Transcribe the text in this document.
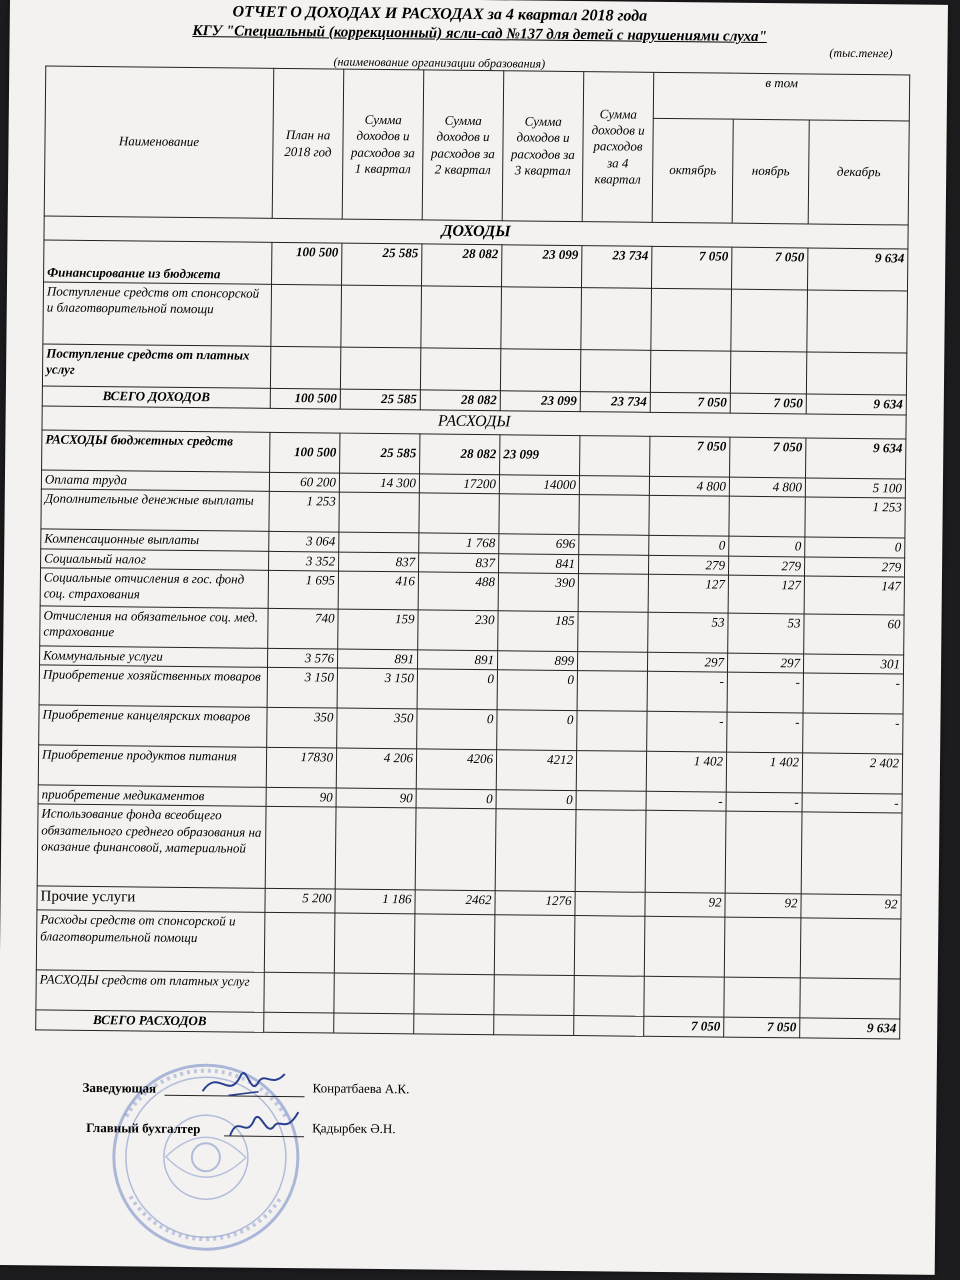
ОТЧЕТ О ДОХОДАХ И РАСХОДАХ за 4 квартал 2018 года
КГУ "Специальный (коррекционный) ясли-сад №137 для детей с нарушениями слуха"
(тыс.тенге)
(наименование организации образования)
Наименование	План на 2018 год	Сумма доходов и расходов за 1 квартал	Сумма доходов и расходов за 2 квартал	Сумма доходов и расходов за 3 квартал	Сумма доходов и расходов за 4 квартал	в том		
						октябрь	ноябрь	декабрь
ДОХОДЫ								
Финансирование из бюджета	100 500	25 585	28 082	23 099	23 734	7 050	7 050	9 634
Поступление средств от спонсорской и благотворительной помощи								
Поступление средств от платных услуг								
ВСЕГО ДОХОДОВ	100 500	25 585	28 082	23 099	23 734	7 050	7 050	9 634
РАСХОДЫ								
РАСХОДЫ бюджетных средств	100 500	25 585	28 082	23 099		7 050	7 050	9 634
Оплата труда	60 200	14 300	17200	14000		4 800	4 800	5 100
Дополнительные денежные выплаты	1 253							1 253
Компенсационные выплаты	3 064		1 768	696		0	0	0
Социальный налог	3 352	837	837	841		279	279	279
Социальные отчисления в гос. фонд соц. страхования	1 695	416	488	390		127	127	147
Отчисления на обязательное соц. мед. страхование	740	159	230	185		53	53	60
Коммунальные услуги	3 576	891	891	899		297	297	301
Приобретение хозяйственных товаров	3 150	3 150	0	0		-	-	-
Приобретение канцелярских товаров	350	350	0	0		-	-	-
Приобретение продуктов питания	17830	4 206	4206	4212		1 402	1 402	2 402
приобретение медикаментов	90	90	0	0		-	-	-
Использование фонда всеобщего обязательного среднего образования на оказание финансовой, материальной								
Прочие услуги	5 200	1 186	2462	1276		92	92	92
Расходы средств от спонсорской и благотворительной помощи								
РАСХОДЫ средств от платных услуг								
ВСЕГО РАСХОДОВ						7 050	7 050	9 634
Заведующая	Конратбаева А.К.
Главный бухгалтер	Қадырбек Ә.Н.
